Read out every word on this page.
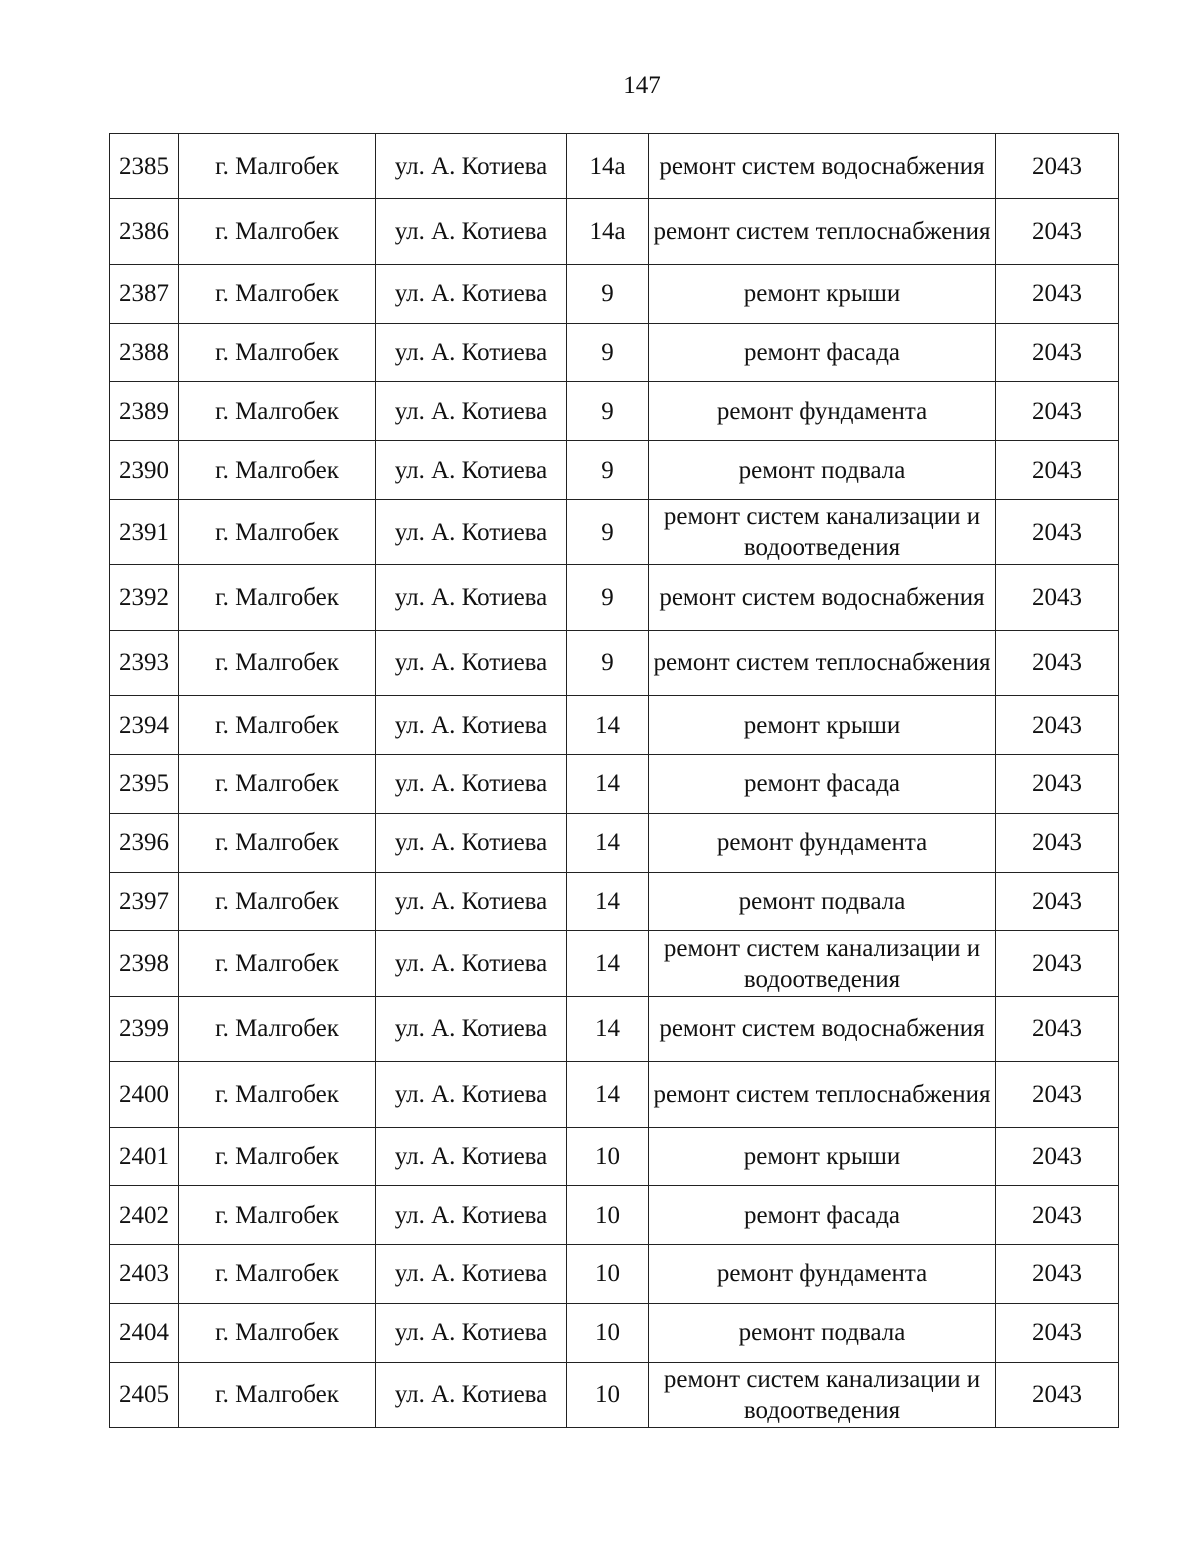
147
2385	г. Малгобек	ул. А. Котиева	14а	ремонт систем водоснабжения	2043
2386	г. Малгобек	ул. А. Котиева	14а	ремонт систем теплоснабжения	2043
2387	г. Малгобек	ул. А. Котиева	9	ремонт крыши	2043
2388	г. Малгобек	ул. А. Котиева	9	ремонт фасада	2043
2389	г. Малгобек	ул. А. Котиева	9	ремонт фундамента	2043
2390	г. Малгобек	ул. А. Котиева	9	ремонт подвала	2043
2391	г. Малгобек	ул. А. Котиева	9	ремонт систем канализации и водоотведения	2043
2392	г. Малгобек	ул. А. Котиева	9	ремонт систем водоснабжения	2043
2393	г. Малгобек	ул. А. Котиева	9	ремонт систем теплоснабжения	2043
2394	г. Малгобек	ул. А. Котиева	14	ремонт крыши	2043
2395	г. Малгобек	ул. А. Котиева	14	ремонт фасада	2043
2396	г. Малгобек	ул. А. Котиева	14	ремонт фундамента	2043
2397	г. Малгобек	ул. А. Котиева	14	ремонт подвала	2043
2398	г. Малгобек	ул. А. Котиева	14	ремонт систем канализации и водоотведения	2043
2399	г. Малгобек	ул. А. Котиева	14	ремонт систем водоснабжения	2043
2400	г. Малгобек	ул. А. Котиева	14	ремонт систем теплоснабжения	2043
2401	г. Малгобек	ул. А. Котиева	10	ремонт крыши	2043
2402	г. Малгобек	ул. А. Котиева	10	ремонт фасада	2043
2403	г. Малгобек	ул. А. Котиева	10	ремонт фундамента	2043
2404	г. Малгобек	ул. А. Котиева	10	ремонт подвала	2043
2405	г. Малгобек	ул. А. Котиева	10	ремонт систем канализации и водоотведения	2043
